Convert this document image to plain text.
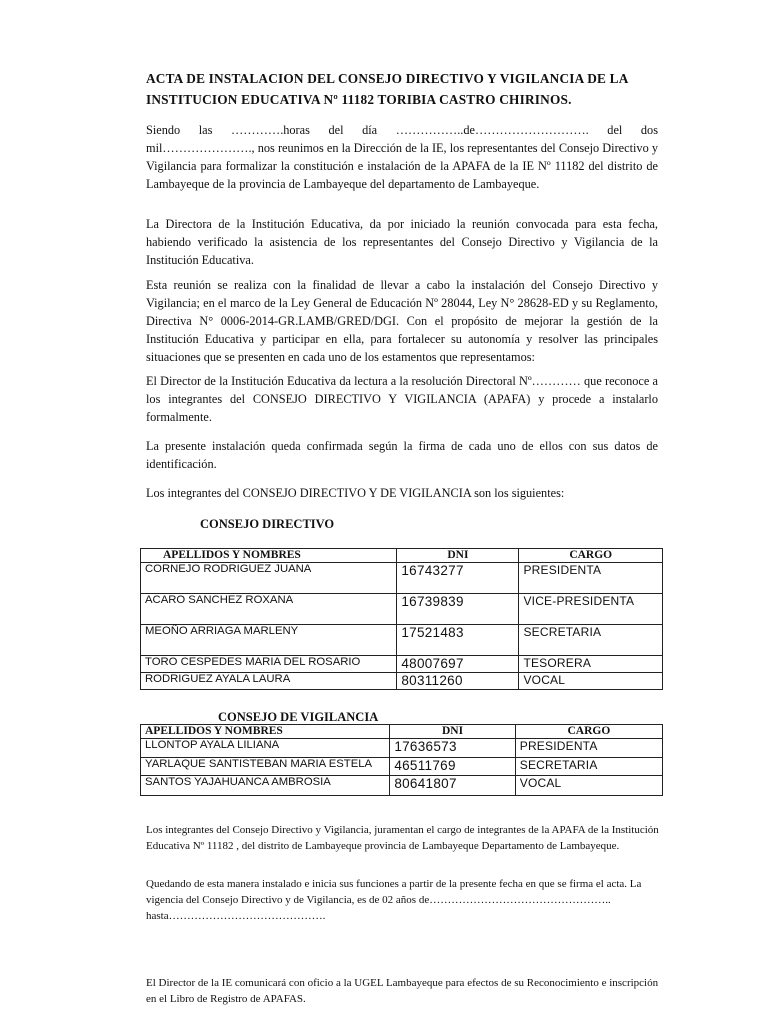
ACTA DE INSTALACION DEL CONSEJO DIRECTIVO Y VIGILANCIA DE LA INSTITUCION EDUCATIVA Nº 11182 TORIBIA CASTRO CHIRINOS.
Siendo las ………….horas del día ……………..de………………………. del dos mil…………………., nos reunimos en la Dirección de la IE, los representantes del Consejo Directivo y Vigilancia para formalizar la constitución e instalación de la APAFA de la IE Nº 11182 del distrito de Lambayeque de la provincia de Lambayeque del departamento de Lambayeque.
La Directora de la Institución Educativa, da por iniciado la reunión convocada para esta fecha, habiendo verificado la asistencia de los representantes del Consejo Directivo y Vigilancia de la Institución Educativa.
Esta reunión se realiza con la finalidad de llevar a cabo la instalación del Consejo Directivo y Vigilancia; en el marco de la Ley General de Educación Nº 28044, Ley N° 28628-ED y su Reglamento, Directiva N° 0006-2014-GR.LAMB/GRED/DGI. Con el propósito de mejorar la gestión de la Institución Educativa y participar en ella, para fortalecer su autonomía y resolver las principales situaciones que se presenten en cada uno de los estamentos que representamos:
El Director de la Institución Educativa da lectura a la resolución Directoral Nº………… que reconoce a los integrantes del CONSEJO DIRECTIVO Y VIGILANCIA (APAFA) y procede a instalarlo formalmente.
La presente instalación queda confirmada según la firma de cada uno de ellos con sus datos de identificación.
Los integrantes del CONSEJO DIRECTIVO Y DE VIGILANCIA son los siguientes:
CONSEJO DIRECTIVO
APELLIDOS Y NOMBRES	DNI	CARGO
CORNEJO RODRIGUEZ JUANA	16743277	PRESIDENTA
ACARO SANCHEZ ROXANA	16739839	VICE-PRESIDENTA
MEOÑO ARRIAGA MARLENY	17521483	SECRETARIA
TORO CESPEDES MARIA DEL ROSARIO	48007697	TESORERA
RODRIGUEZ AYALA LAURA	80311260	VOCAL
CONSEJO DE VIGILANCIA
APELLIDOS Y NOMBRES	DNI	CARGO
LLONTOP AYALA LILIANA	17636573	PRESIDENTA
YARLAQUE SANTISTEBAN MARIA ESTELA	46511769	SECRETARIA
SANTOS YAJAHUANCA AMBROSIA	80641807	VOCAL
Los integrantes del Consejo Directivo y Vigilancia, juramentan el cargo de integrantes de la APAFA de la Institución Educativa Nº 11182 , del distrito de Lambayeque provincia de Lambayeque Departamento de Lambayeque.
Quedando de esta manera instalado e inicia sus funciones a partir de la presente fecha en que se firma el acta. La vigencia del Consejo Directivo y de Vigilancia, es de 02 años de………………………………………….. hasta…………………………………….
El Director de la IE comunicará con oficio a la UGEL Lambayeque para efectos de su Reconocimiento e inscripción en el Libro de Registro de APAFAS.
